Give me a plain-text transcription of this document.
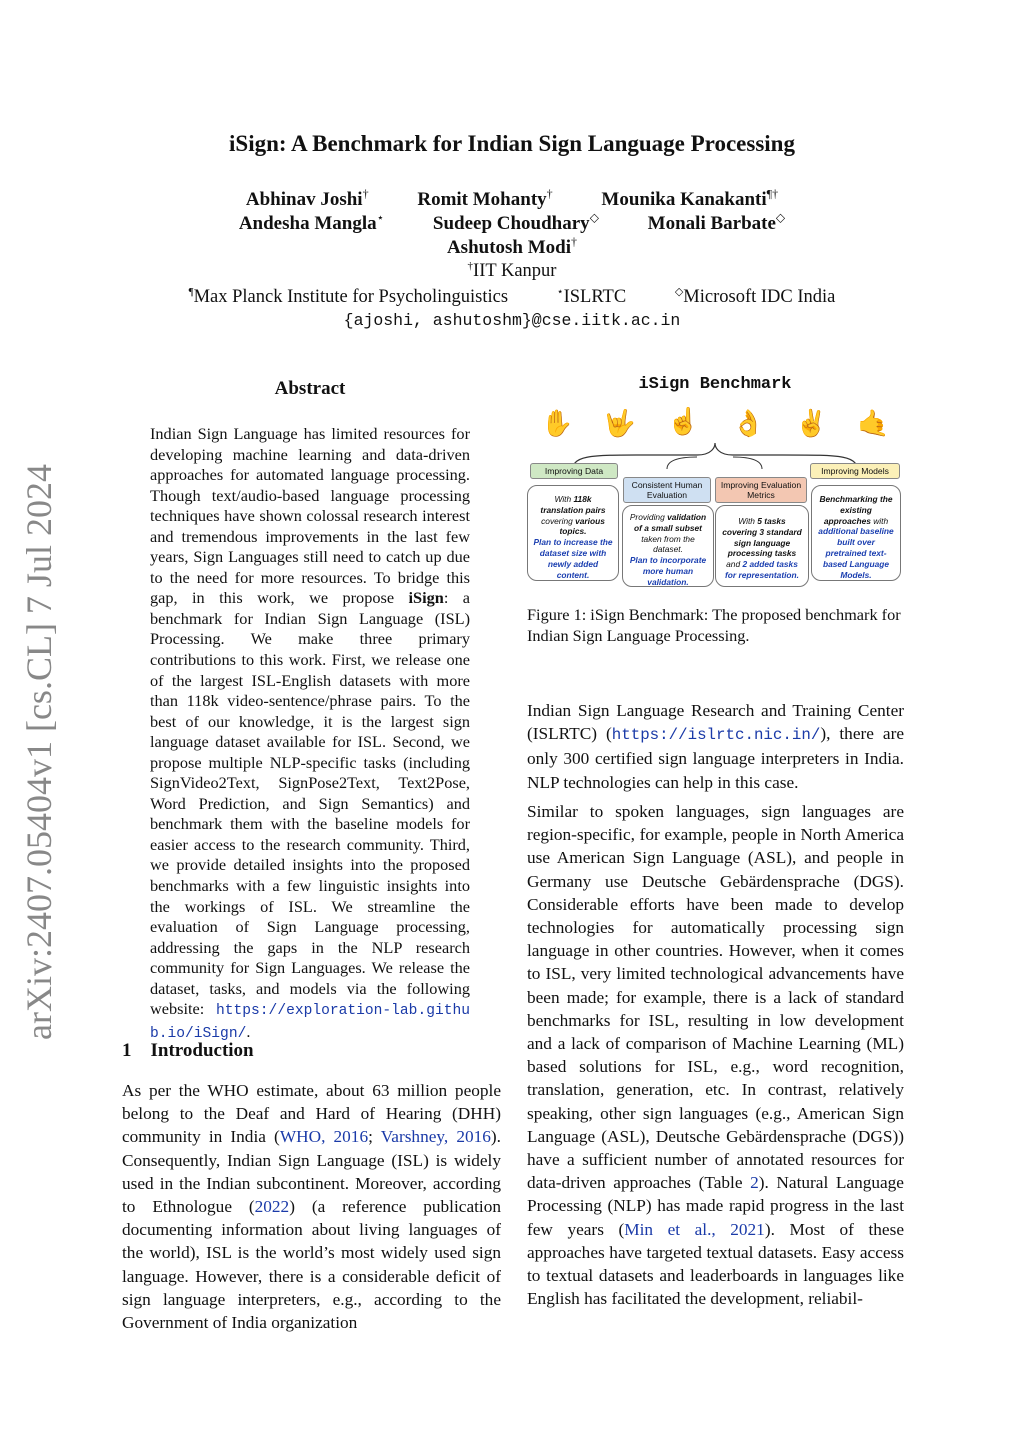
iSign: A Benchmark for Indian Sign Language Processing
Abhinav Joshi†	Romit Mohanty†	Mounika Kanakanti¶†
Andesha Mangla⋆	Sudeep Choudhary◇	Monali Barbate◇
Ashutosh Modi†
†IIT Kanpur
¶Max Planck Institute for Psycholinguistics	⋆ISLRTC	◇Microsoft IDC India
{ajoshi, ashutoshm}@cse.iitk.ac.in
arXiv:2407.05404v1 [cs.CL] 7 Jul 2024
Abstract
Indian Sign Language has limited resources for developing machine learning and data-driven approaches for automated language processing. Though text/audio-based language processing techniques have shown colossal research interest and tremendous improvements in the last few years, Sign Languages still need to catch up due to the need for more resources. To bridge this gap, in this work, we propose iSign: a benchmark for Indian Sign Language (ISL) Processing. We make three primary contributions to this work. First, we release one of the largest ISL-English datasets with more than 118k video-sentence/phrase pairs. To the best of our knowledge, it is the largest sign language dataset available for ISL. Second, we propose multiple NLP-specific tasks (including SignVideo2Text, SignPose2Text, Text2Pose, Word Prediction, and Sign Semantics) and benchmark them with the baseline models for easier access to the research community. Third, we provide detailed insights into the proposed benchmarks with a few linguistic insights into the workings of ISL. We streamline the evaluation of Sign Language processing, addressing the gaps in the NLP research community for Sign Languages. We release the dataset, tasks, and models via the following website: https://exploration-lab.github.io/iSign/.
1 Introduction
As per the WHO estimate, about 63 million people belong to the Deaf and Hard of Hearing (DHH) community in India (WHO, 2016; Varshney, 2016). Consequently, Indian Sign Language (ISL) is widely used in the Indian subcontinent. Moreover, according to Ethnologue (2022) (a reference publication documenting information about living languages of the world), ISL is the world’s most widely used sign language. However, there is a considerable deficit of sign language interpreters, e.g., according to the Government of India organization
Indian Sign Language Research and Training Center (ISLRTC) (https://islrtc.nic.in/), there are only 300 certified sign language interpreters in India. NLP technologies can help in this case.
Similar to spoken languages, sign languages are region-specific, for example, people in North America use American Sign Language (ASL), and people in Germany use Deutsche Gebärdensprache (DGS). Considerable efforts have been made to develop technologies for automatically processing sign language in other countries. However, when it comes to ISL, very limited technological advancements have been made; for example, there is a lack of standard benchmarks for ISL, resulting in low development and a lack of comparison of Machine Learning (ML) based solutions for ISL, e.g., word recognition, translation, generation, etc. In contrast, relatively speaking, other sign languages (e.g., American Sign Language (ASL), Deutsche Gebärdensprache (DGS)) have a sufficient number of annotated resources for data-driven approaches (Table 2). Natural Language Processing (NLP) has made rapid progress in the last few years (Min et al., 2021). Most of these approaches have targeted textual datasets. Easy access to textual datasets and leaderboards in languages like English has facilitated the development, reliabil-
iSign Benchmark
✋ 🤟 ☝ 👌 ✌ 🤙
Improving Data
With 118k translation pairs covering various topics.
Plan to increase the dataset size with newly added content.
Consistent Human Evaluation
Providing validation of a small subset taken from the dataset.
Plan to incorporate more human validation.
Improving Evaluation Metrics
With 5 tasks covering 3 standard sign language processing tasks and 2 added tasks for representation.
Improving Models
Benchmarking the existing approaches with additional baseline built over pretrained text-based Language Models.
Figure 1: iSign Benchmark: The proposed benchmark for Indian Sign Language Processing.
